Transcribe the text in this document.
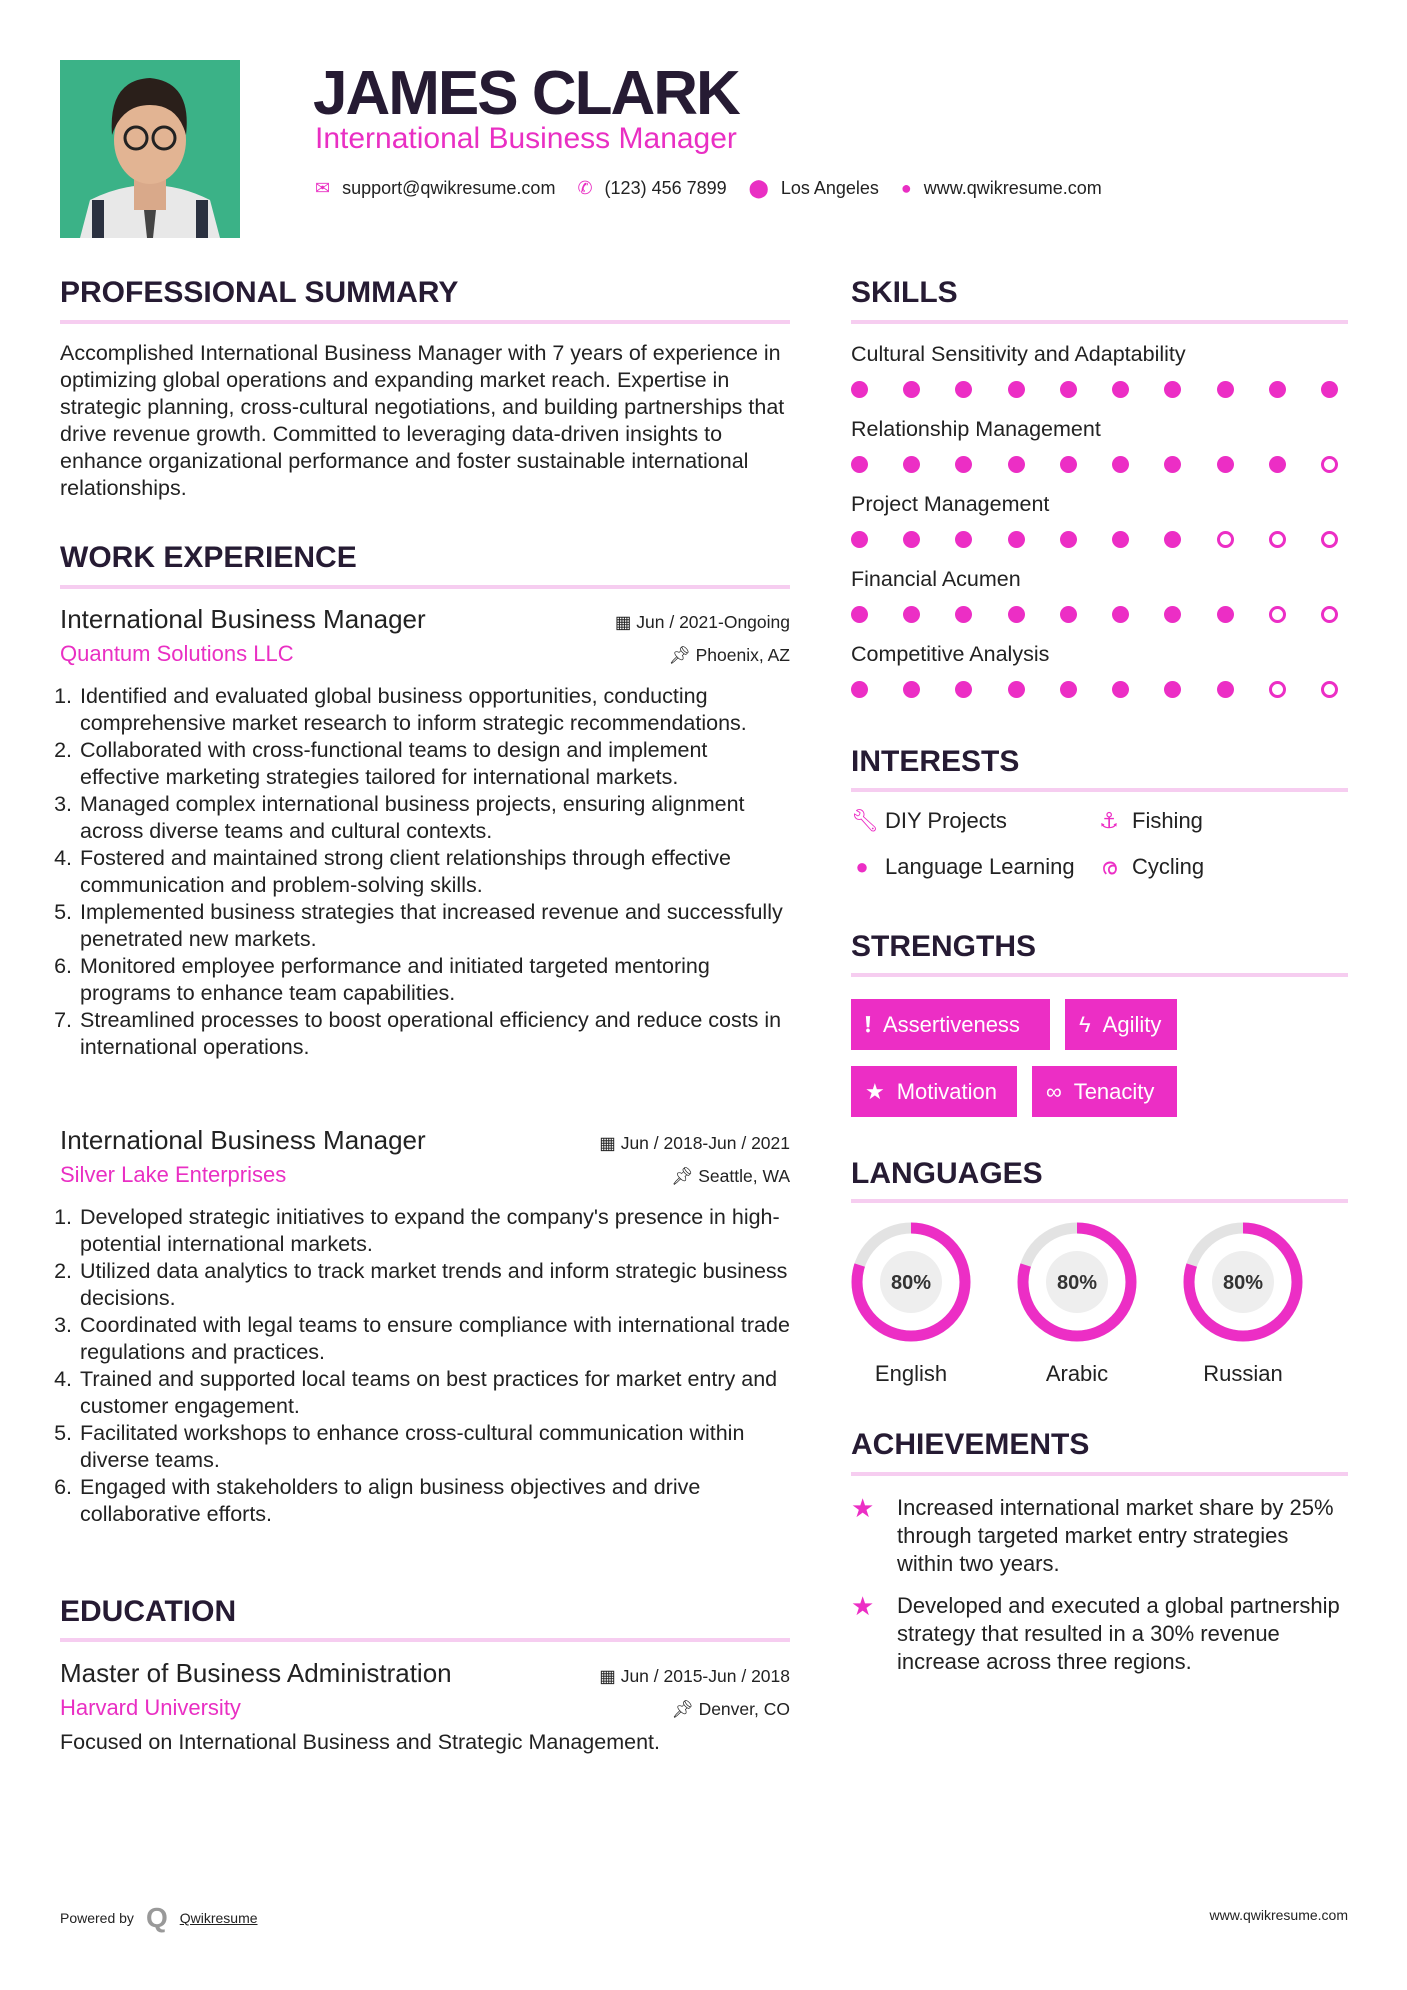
JAMES CLARK
International Business Manager
✉ support@qwikresume.com ✆ (123) 456 7899 ⬤ Los Angeles ● www.qwikresume.com
PROFESSIONAL SUMMARY
Accomplished International Business Manager with 7 years of experience in optimizing global operations and expanding market reach. Expertise in strategic planning, cross-cultural negotiations, and building partnerships that drive revenue growth. Committed to leveraging data-driven insights to enhance organizational performance and foster sustainable international relationships.
WORK EXPERIENCE
International Business Manager	▦ Jun / 2021-Ongoing
Quantum Solutions LLC	📌︎ Phoenix, AZ
1. Identified and evaluated global business opportunities, conducting comprehensive market research to inform strategic recommendations.
2. Collaborated with cross-functional teams to design and implement effective marketing strategies tailored for international markets.
3. Managed complex international business projects, ensuring alignment across diverse teams and cultural contexts.
4. Fostered and maintained strong client relationships through effective communication and problem-solving skills.
5. Implemented business strategies that increased revenue and successfully penetrated new markets.
6. Monitored employee performance and initiated targeted mentoring programs to enhance team capabilities.
7. Streamlined processes to boost operational efficiency and reduce costs in international operations.
International Business Manager	▦ Jun / 2018-Jun / 2021
Silver Lake Enterprises	📌︎ Seattle, WA
1. Developed strategic initiatives to expand the company's presence in high-potential international markets.
2. Utilized data analytics to track market trends and inform strategic business decisions.
3. Coordinated with legal teams to ensure compliance with international trade regulations and practices.
4. Trained and supported local teams on best practices for market entry and customer engagement.
5. Facilitated workshops to enhance cross-cultural communication within diverse teams.
6. Engaged with stakeholders to align business objectives and drive collaborative efforts.
EDUCATION
Master of Business Administration	▦ Jun / 2015-Jun / 2018
Harvard University	📌︎ Denver, CO
Focused on International Business and Strategic Management.
SKILLS
Cultural Sensitivity and Adaptability
Relationship Management
Project Management
Financial Acumen
Competitive Analysis
INTERESTS
🔧︎ DIY Projects	⚓︎ Fishing
● Language Learning ര Cycling
STRENGTHS
❗︎ Assertiveness	ϟ Agility
★ Motivation ∞ Tenacity
LANGUAGES
80%
English
80%
Arabic
80%
Russian
ACHIEVEMENTS
★	Increased international market share by 25% through targeted market entry strategies within two years.
★	Developed and executed a global partnership strategy that resulted in a 30% revenue increase across three regions.
Powered by Q Qwikresume	www.qwikresume.com
